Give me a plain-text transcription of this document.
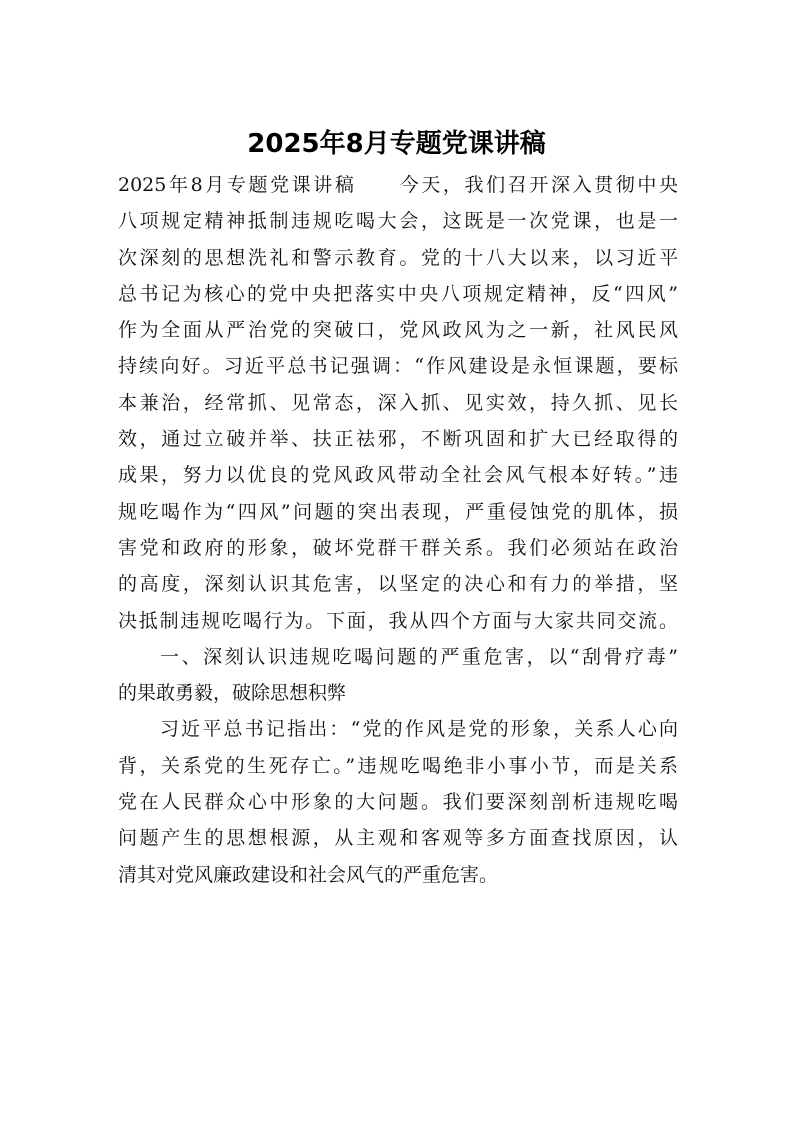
2025年8月专题党课讲稿

2025年8月专题党课讲稿　　今天，我们召开深入贯彻中央
八项规定精神抵制违规吃喝大会，这既是一次党课，也是一
次深刻的思想洗礼和警示教育。党的十八大以来，以习近平
总书记为核心的党中央把落实中央八项规定精神，反“四风”
作为全面从严治党的突破口，党风政风为之一新，社风民风
持续向好。习近平总书记强调：“作风建设是永恒课题，要标
本兼治，经常抓、见常态，深入抓、见实效，持久抓、见长
效，通过立破并举、扶正祛邪，不断巩固和扩大已经取得的
成果，努力以优良的党风政风带动全社会风气根本好转。”违
规吃喝作为“四风”问题的突出表现，严重侵蚀党的肌体，损
害党和政府的形象，破坏党群干群关系。我们必须站在政治
的高度，深刻认识其危害，以坚定的决心和有力的举措，坚
决抵制违规吃喝行为。下面，我从四个方面与大家共同交流。

一、深刻认识违规吃喝问题的严重危害，以“刮骨疗毒”
的果敢勇毅，破除思想积弊

习近平总书记指出：“党的作风是党的形象，关系人心向
背，关系党的生死存亡。”违规吃喝绝非小事小节，而是关系
党在人民群众心中形象的大问题。我们要深刻剖析违规吃喝
问题产生的思想根源，从主观和客观等多方面查找原因，认
清其对党风廉政建设和社会风气的严重危害。
